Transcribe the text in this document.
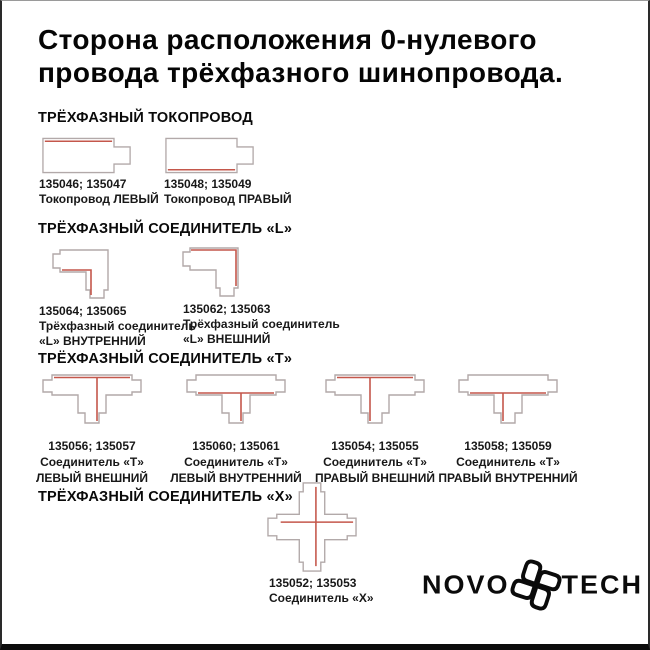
Сторона расположения 0-нулевого
провода трёхфазного шинопровода.
ТРЁХФАЗНЫЙ ТОКОПРОВОД
135046; 135047
Токопровод ЛЕВЫЙ
135048; 135049
Токопровод ПРАВЫЙ
ТРЁХФАЗНЫЙ СОЕДИНИТЕЛЬ «L»
135064; 135065
Трёхфазный соединитель
«L» ВНУТРЕННИЙ
135062; 135063
Трёхфазный соединитель
«L» ВНЕШНИЙ
ТРЁХФАЗНЫЙ СОЕДИНИТЕЛЬ «Т»
135056; 135057
Соединитель «Т»
ЛЕВЫЙ ВНЕШНИЙ
135060; 135061
Соединитель «Т»
ЛЕВЫЙ ВНУТРЕННИЙ
135054; 135055
Соединитель «Т»
ПРАВЫЙ ВНЕШНИЙ
135058; 135059
Соединитель «Т»
ПРАВЫЙ ВНУТРЕННИЙ
ТРЁХФАЗНЫЙ СОЕДИНИТЕЛЬ «Х»
135052; 135053
Соединитель «Х» NOVO TECH
